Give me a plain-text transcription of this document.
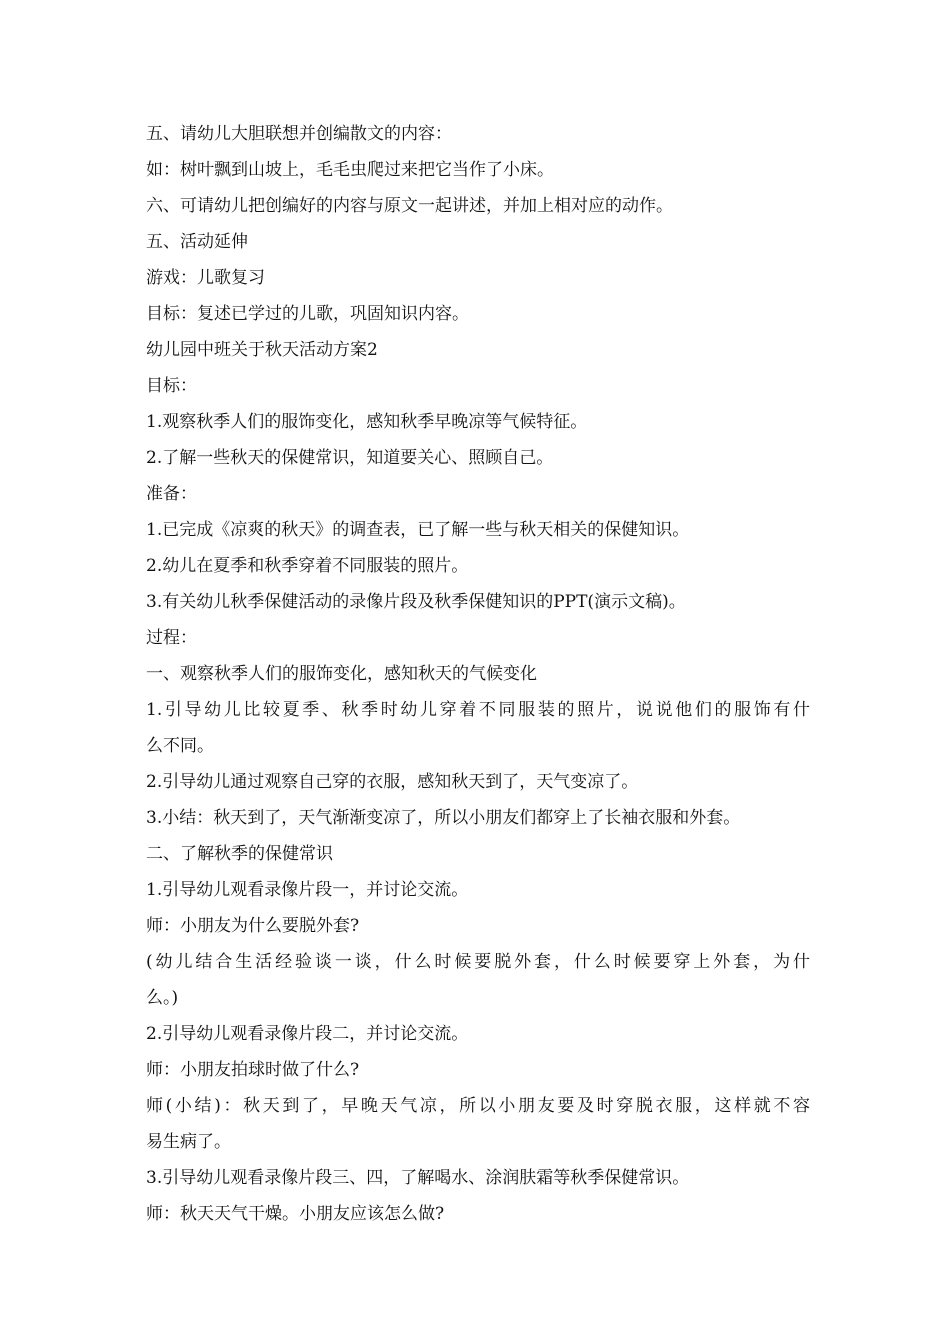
五、请幼儿大胆联想并创编散文的内容：
如：树叶飘到山坡上，毛毛虫爬过来把它当作了小床。
六、可请幼儿把创编好的内容与原文一起讲述，并加上相对应的动作。
五、活动延伸
游戏：儿歌复习
目标：复述已学过的儿歌，巩固知识内容。
幼儿园中班关于秋天活动方案2
目标：
1.观察秋季人们的服饰变化，感知秋季早晚凉等气候特征。
2.了解一些秋天的保健常识，知道要关心、照顾自己。
准备：
1.已完成《凉爽的秋天》的调查表，已了解一些与秋天相关的保健知识。
2.幼儿在夏季和秋季穿着不同服装的照片。
3.有关幼儿秋季保健活动的录像片段及秋季保健知识的PPT(演示文稿)。
过程：
一、观察秋季人们的服饰变化，感知秋天的气候变化
1.引导幼儿比较夏季、秋季时幼儿穿着不同服装的照片，说说他们的服饰有什
么不同。
2.引导幼儿通过观察自己穿的衣服，感知秋天到了，天气变凉了。
3.小结：秋天到了，天气渐渐变凉了，所以小朋友们都穿上了长袖衣服和外套。
二、了解秋季的保健常识
1.引导幼儿观看录像片段一，并讨论交流。
师：小朋友为什么要脱外套?
(幼儿结合生活经验谈一谈，什么时候要脱外套，什么时候要穿上外套，为什
么。)
2.引导幼儿观看录像片段二，并讨论交流。
师：小朋友拍球时做了什么?
师(小结)：秋天到了，早晚天气凉，所以小朋友要及时穿脱衣服，这样就不容
易生病了。
3.引导幼儿观看录像片段三、四，了解喝水、涂润肤霜等秋季保健常识。
师：秋天天气干燥。小朋友应该怎么做?
